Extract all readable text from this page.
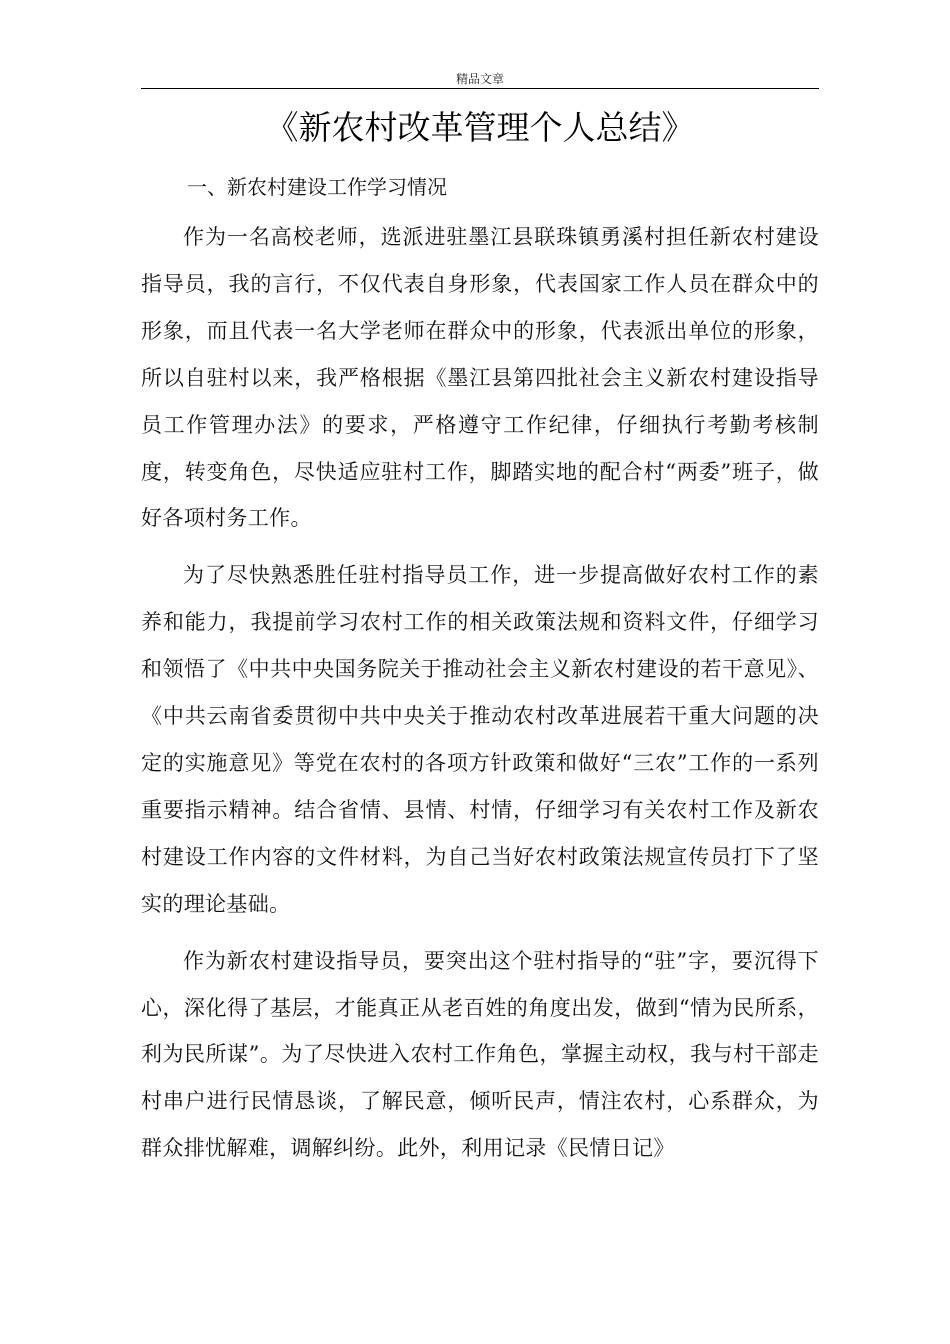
精品文章
《新农村改革管理个人总结》
一、新农村建设工作学习情况

作为一名高校老师，选派进驻墨江县联珠镇勇溪村担任新农村建设指导员，我的言行，不仅代表自身形象，代表国家工作人员在群众中的形象，而且代表一名大学老师在群众中的形象，代表派出单位的形象，所以自驻村以来，我严格根据《墨江县第四批社会主义新农村建设指导员工作管理办法》的要求，严格遵守工作纪律，仔细执行考勤考核制度，转变角色，尽快适应驻村工作，脚踏实地的配合村“两委”班子，做好各项村务工作。

为了尽快熟悉胜任驻村指导员工作，进一步提高做好农村工作的素养和能力，我提前学习农村工作的相关政策法规和资料文件，仔细学习和领悟了《中共中央国务院关于推动社会主义新农村建设的若干意见》、《中共云南省委贯彻中共中央关于推动农村改革进展若干重大问题的决定的实施意见》等党在农村的各项方针政策和做好“三农”工作的一系列重要指示精神。结合省情、县情、村情，仔细学习有关农村工作及新农村建设工作内容的文件材料，为自己当好农村政策法规宣传员打下了坚实的理论基础。

作为新农村建设指导员，要突出这个驻村指导的“驻”字，要沉得下心，深化得了基层，才能真正从老百姓的角度出发，做到“情为民所系，利为民所谋”。为了尽快进入农村工作角色，掌握主动权，我与村干部走村串户进行民情恳谈，了解民意，倾听民声，情注农村，心系群众，为群众排忧解难，调解纠纷。此外，利用记录《民情日记》
